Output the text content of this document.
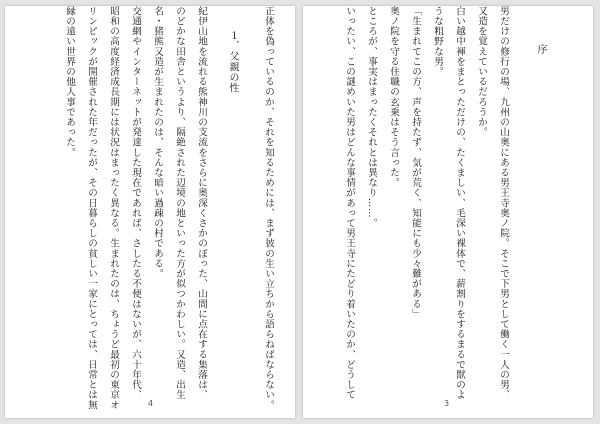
正体を偽っているのか、それを知るためには、まず彼の生い立ちから語らねばならない。
１．父親の性
紀伊山地を流れる熊神川の支流をさらに奥深くさかのぼった、山間に点在する集落は、
のどかな田舎というより、隔絶された辺境の地といった方が似つかわしい。又造、出生
名・猪熊又造が生まれたのは、そんな暗い過疎の村である。
交通網やインターネットが発達した現在であれば、さしたる不便はないが、六十年代、
昭和の高度経済成長期には状況はまったく異なる。生まれたのは、ちょうど最初の東京オ
リンピックが開催された年だったが、その日暮らしの貧しい一家にとっては、日常とは無
縁の遠い世界の他人事であった。
4
序
男だけの修行の場、九州の山奥にある男王寺奥ノ院。そこで下男として働く一人の男、
又造を覚えているだろうか。
白い越中褌をまとっただけの、たくましい、毛深い裸体で、薪割りをするまるで獣のよ
うな粗野な男。
「生まれてこの方、声を持たず、気が荒く、知能にも少々難がある」
奥ノ院を守る住職の玄乗はそう言った。
ところが、事実はまったくそれとは異なり……。
いったい、この謎めいた男はどんな事情があって男王寺にたどり着いたのか、どうして
3
